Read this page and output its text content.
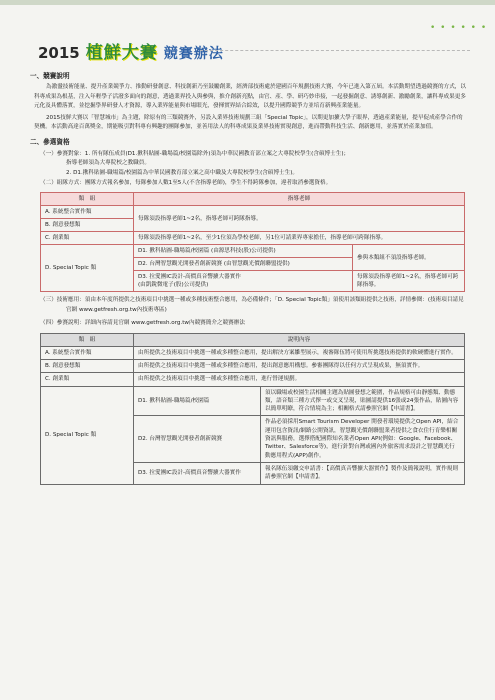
• • • • • •
2015 植鮮大賽 競賽辦法
一、競賽說明
為激盪技術能量、提升產業競爭力、推動研發創意、科技創新乃至鼓勵創業，經濟部技術處於建國百年規劃技術大賽，今年已進入第五屆。本活動期望透過競賽的方式，以科專成果為根基，注入年輕學子活潑多面向的創意，透過業界投入與參與，推介創新亮點，由官、產、學、研巧妙串接，一起發掘創意、誘導創新、激勵創業，讓科專成果更多元化及具體落實，並挖掘學界研發人才資源，導入業界能量與市場眼光，發揮實界結合綜效，以提升國際競爭力並培育新興產業能量。
2015技鮮大賽以「智慧城市」為主題，除原有的三類競賽外，另設入業界技術規劃三組「Special Topic」，以期更加擴大學子眼界，透過產業能量，提早促成產學合作的契機。本活動高達百萬獎金，期能吸引對科專有興趣的團隊參加，並善用法人的科專成果及業界技術實現創意，進而帶動科技生活、創新應用，並落實於產業加值。
二、參選資格
（一）參賽對象：1. 所有隊伍成員(D1.揪科貼圖-職場篇/校園篇除外)須為中華民國教育部立案之大專院校學生(含碩博士生)；
指導老師須為大專院校之教職員。
2. D1.揪科貼圖-職場篇/校園篇為中華民國教育部立案之高中職及大專院校學生(含碩博士生)。
（二）組隊方式：團隊方式報名參加，每隊參加人數1至5人(不含指導老師)，學生不得跨隊參加，違者取消參選資格。
類　組	指導老師	
A. 系統整合實作類	每隊須設指導老師1~2名，指導老師可跨隊指導。	
B. 創意發想類		
C. 創業類	每隊須設指導老師1~2名，至少1位須為學校老師，另1位可請業界專家擔任，指導老師可跨隊指導。	
D. Special Topic 類	D1. 揪科貼圖-職場篇/校園篇 (由源思科技(股)公司提供)	參與本類組不須設指導老師。
	D2. 台灣智慧觀光開發者創新競賽 (由智慧觀光價創聯盟提供)	

	D3. 拉愛團IC設計-高價真音響擴大器實作
(由凱銳微電子(股)公司提供)	每隊須設指導老師1~2名，指導老師可跨隊指導。
（三）技術應用：須由本年度所提供之技術項目中挑選一種或多種技術整合應用，為必備條件；「D. Special Topic類」須使用該類組提供之技術，詳情參閱：(技術項目請見官網 www.getfresh.org.tw內技術專區)
（四）參賽說明：詳細內容請見官網 www.getfresh.org.tw內競賽簡介之競賽辦法
類　組	說明內容	
A. 系統整合實作類	由所提供之技術項目中挑選一種或多種整合應用，提出解決方案雛型展示，複審隊伍將可使用所挑選技術提供的軟硬體進行實作。	
B. 創意發想類	由所提供之技術項目中挑選一種或多種整合應用，提出創意應用構想。參審團隊得以任何方式呈現成果，無須實作。	
C. 創業類	由所提供之技術項目中挑選一種或多種整合應用，進行營運規劃。	
D. Special Topic 類	D1. 揪科貼圖-職場篇/校園篇	須以職場或校園生活相關主題為貼圖發想之範圍，作品規格可由靜態類、動態類，語音類三種方式擇一或交叉呈現，貼圖請提供16張或24張作品，貼圖內容以簡單明瞭，符合情境為主；相關格式請參照官網【申請書】。
	D2. 台灣智慧觀光開發者創新競賽	作品必須採用Smart Tourism Developer 開發者環境提供之Open API，結合運用包含資訊/網路公開資訊，智慧觀光價創聯盟業者提供之食衣住行育樂相關資訊與服務，選擇搭配國際知名業者Open API(例如：Google、Facebook、Twitter、Salesforce等)，進行針對台灣或國內外旅客需求設計之智慧觀光行動應用程式(APP)創作。
	D3. 拉愛團IC設計-高價真音響擴大器實作	報名隊伍須繳交申請書：【高價真音響擴大器實作】製作及簡報說明，實作規則請參照官網【申請書】。
